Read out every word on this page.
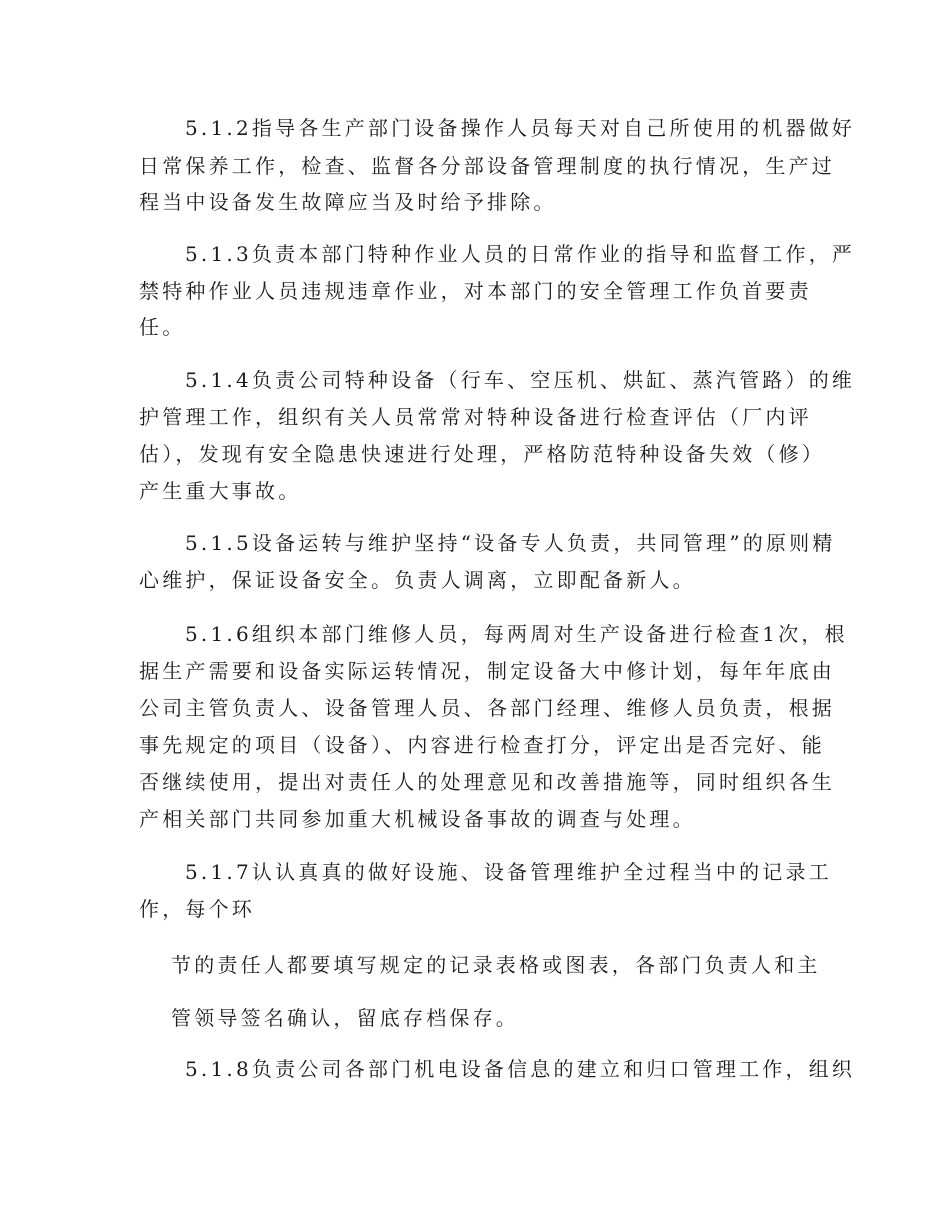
5.1.2指导各生产部门设备操作人员每天对自己所使用的机器做好
日常保养工作，检查、监督各分部设备管理制度的执行情况，生产过
程当中设备发生故障应当及时给予排除。
5.1.3负责本部门特种作业人员的日常作业的指导和监督工作，严
禁特种作业人员违规违章作业，对本部门的安全管理工作负首要责
任。
5.1.4负责公司特种设备（行车、空压机、烘缸、蒸汽管路）的维
护管理工作，组织有关人员常常对特种设备进行检查评估（厂内评
估），发现有安全隐患快速进行处理，严格防范特种设备失效（修）
产生重大事故。
5.1.5设备运转与维护坚持“设备专人负责，共同管理”的原则精
心维护，保证设备安全。负责人调离，立即配备新人。
5.1.6组织本部门维修人员，每两周对生产设备进行检查1次，根
据生产需要和设备实际运转情况，制定设备大中修计划，每年年底由
公司主管负责人、设备管理人员、各部门经理、维修人员负责，根据
事先规定的项目（设备）、内容进行检查打分，评定出是否完好、能
否继续使用，提出对责任人的处理意见和改善措施等，同时组织各生
产相关部门共同参加重大机械设备事故的调查与处理。
5.1.7认认真真的做好设施、设备管理维护全过程当中的记录工
作，每个环
节的责任人都要填写规定的记录表格或图表，各部门负责人和主
管领导签名确认，留底存档保存。
5.1.8负责公司各部门机电设备信息的建立和归口管理工作，组织
